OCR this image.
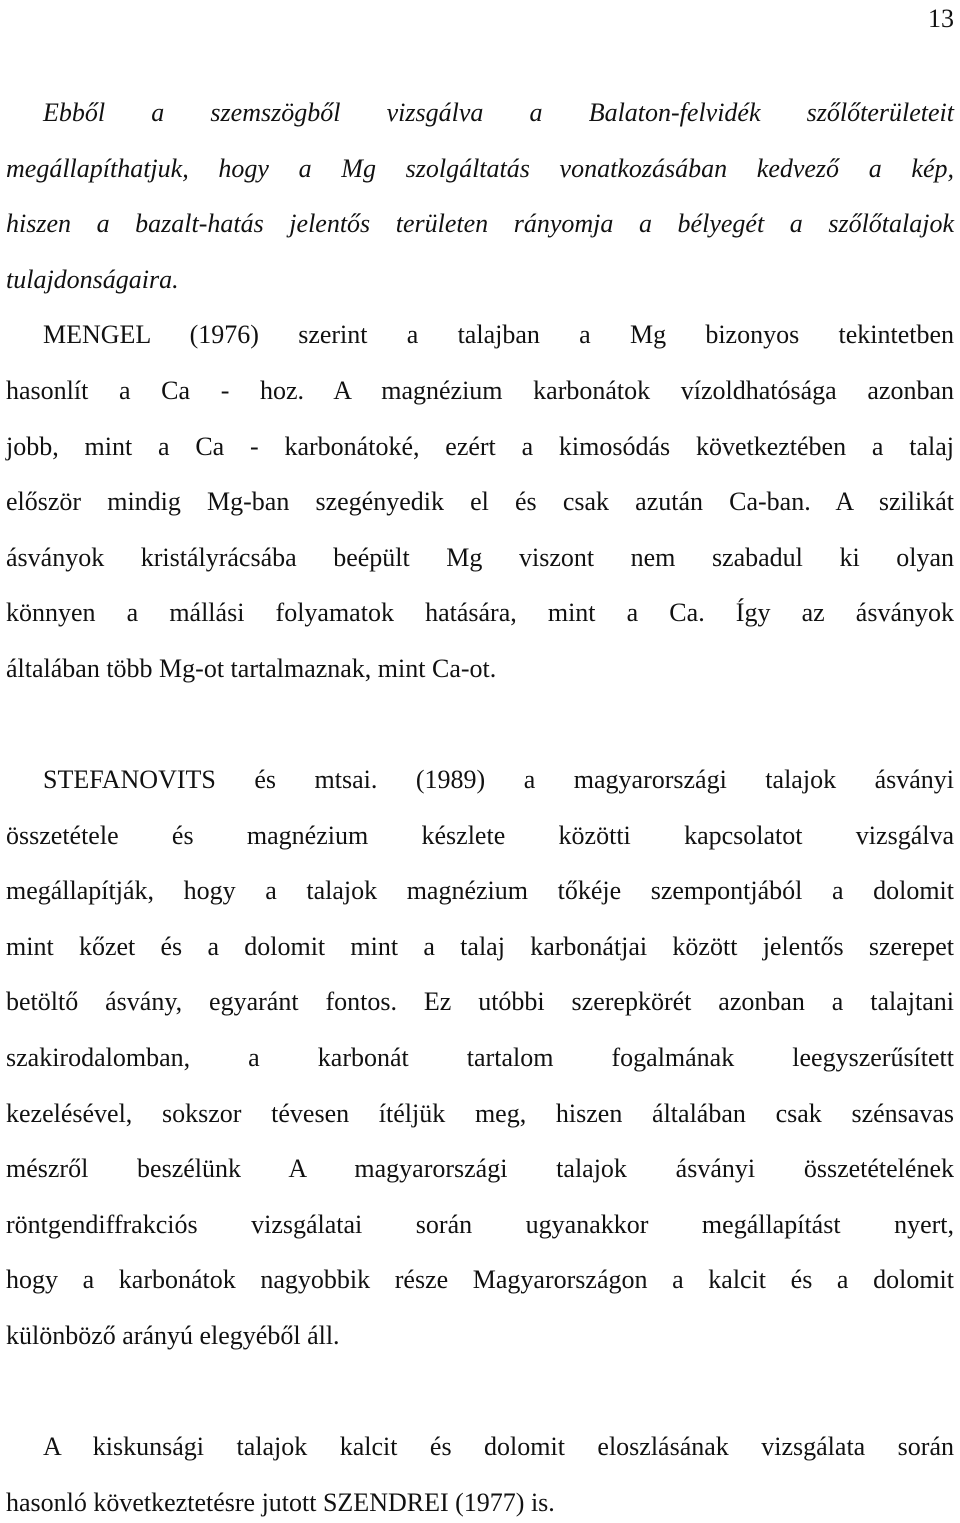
13
Ebből a szemszögből vizsgálva a Balaton-felvidék szőlőterületeit
megállapíthatjuk, hogy a Mg szolgáltatás vonatkozásában kedvező a kép,
hiszen a bazalt-hatás jelentős területen rányomja a bélyegét a szőlőtalajok
tulajdonságaira.
MENGEL (1976) szerint a talajban a Mg bizonyos tekintetben
hasonlít a Ca - hoz. A magnézium karbonátok vízoldhatósága azonban
jobb, mint a Ca - karbonátoké, ezért a kimosódás következtében a talaj
először mindig Mg-ban szegényedik el és csak azután Ca-ban. A szilikát
ásványok kristályrácsába beépült Mg viszont nem szabadul ki olyan
könnyen a mállási folyamatok hatására, mint a Ca. Így az ásványok
általában több Mg-ot tartalmaznak, mint Ca-ot.
STEFANOVITS és mtsai. (1989) a magyarországi talajok ásványi
összetétele és magnézium készlete közötti kapcsolatot vizsgálva
megállapítják, hogy a talajok magnézium tőkéje szempontjából a dolomit
mint kőzet és a dolomit mint a talaj karbonátjai között jelentős szerepet
betöltő ásvány, egyaránt fontos. Ez utóbbi szerepkörét azonban a talajtani
szakirodalomban, a karbonát tartalom fogalmának leegyszerűsített
kezelésével, sokszor tévesen ítéljük meg, hiszen általában csak szénsavas
mészről beszélünk A magyarországi talajok ásványi összetételének
röntgendiffrakciós vizsgálatai során ugyanakkor megállapítást nyert,
hogy a karbonátok nagyobbik része Magyarországon a kalcit és a dolomit
különböző arányú elegyéből áll.
A kiskunsági talajok kalcit és dolomit eloszlásának vizsgálata során
hasonló következtetésre jutott SZENDREI (1977) is.
